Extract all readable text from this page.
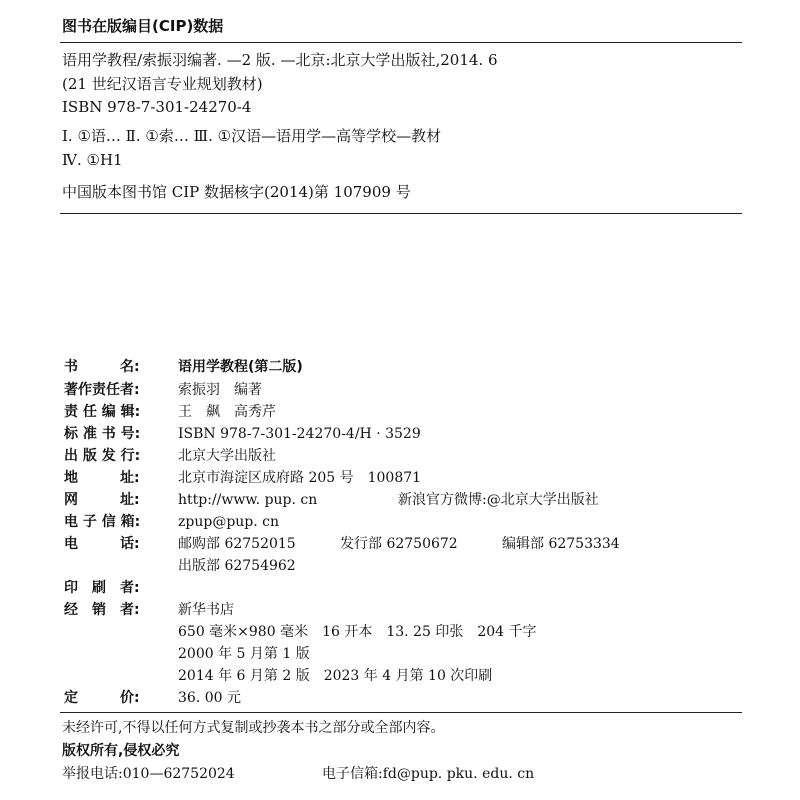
图书在版编目(CIP)数据
语用学教程/索振羽编著. —2 版. —北京:北京大学出版社,2014. 6
(21 世纪汉语言专业规划教材)
ISBN 978-7-301-24270-4
Ⅰ. ①语… Ⅱ. ①索… Ⅲ. ①汉语—语用学—高等学校—教材
Ⅳ. ①H1
中国版本图书馆 CIP 数据核字(2014)第 107909 号
书　　　名:	语用学教程(第二版)
著作责任者:	索振羽　编著
责 任 编 辑:	王　飙　高秀芹
标 准 书 号:	ISBN 978-7-301-24270-4/H · 3529
出 版 发 行:	北京大学出版社
地　　　址:	北京市海淀区成府路 205 号　100871
网　　　址:	http://www. pup. cn	新浪官方微博:@北京大学出版社
电 子 信 箱:	zpup@pup. cn
电　　　话:	邮购部 62752015	发行部 62750672	编辑部 62753334
出版部 62754962
印　刷　者:
经　销　者:	新华书店
650 毫米×980 毫米　16 开本　13. 25 印张　204 千字
2000 年 5 月第 1 版
2014 年 6 月第 2 版　2023 年 4 月第 10 次印刷
定　　　价:	36. 00 元
未经许可,不得以任何方式复制或抄袭本书之部分或全部内容。
版权所有,侵权必究
举报电话:010—62752024	电子信箱:fd@pup. pku. edu. cn
